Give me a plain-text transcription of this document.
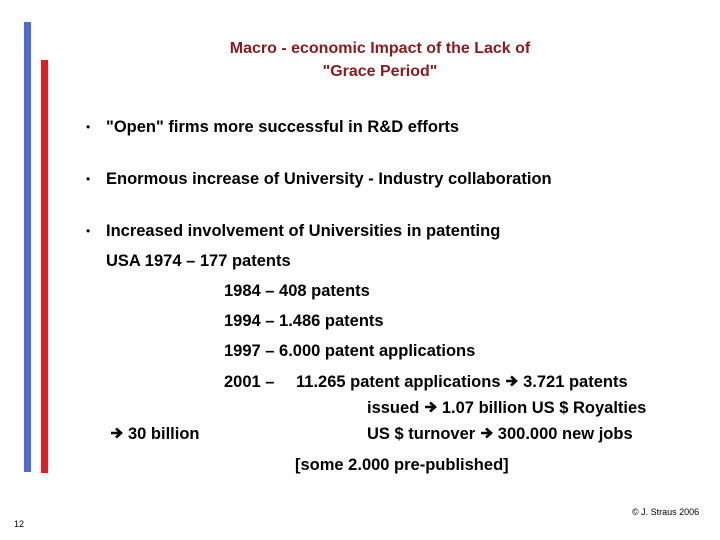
Macro - economic Impact of the Lack of
"Grace Period"
• "Open" firms more successful in R&D efforts
• Enormous increase of University - Industry collaboration
• Increased involvement of Universities in patenting
USA 1974 – 177 patents
1984 – 408 patents
1994 – 1.486 patents
1997 – 6.000 patent applications
2001 – 11.265 patent applications 3.721 patents
issued 1.07 billion US $ Royalties
30 billion	US $ turnover 300.000 new jobs
[some 2.000 pre-published]
12
© J. Straus 2006
